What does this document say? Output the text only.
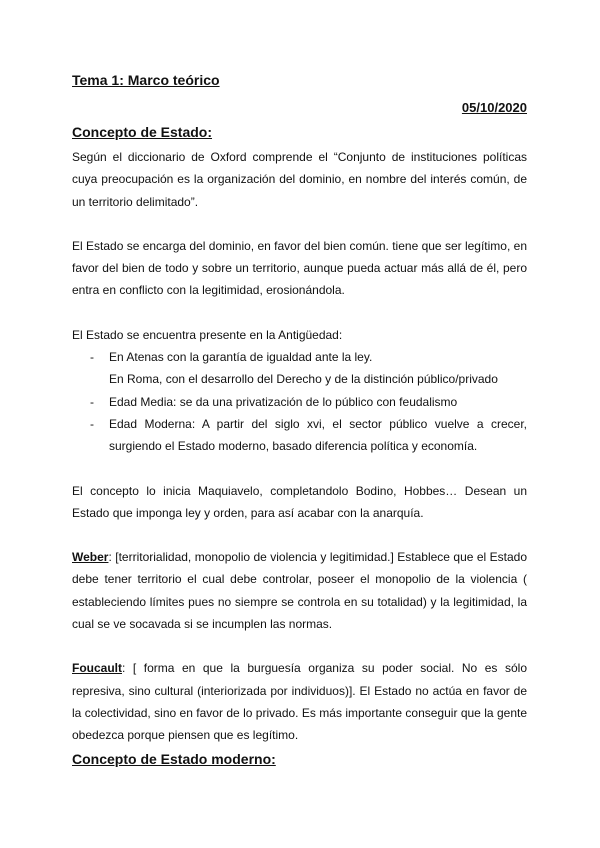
Tema 1: Marco teórico
05/10/2020
Concepto de Estado:

Según el diccionario de Oxford comprende el “Conjunto de instituciones políticas cuya preocupación es la organización del dominio, en nombre del interés común, de un territorio delimitado”.

El Estado se encarga del dominio, en favor del bien común. tiene que ser legítimo, en favor del bien de todo y sobre un territorio, aunque pueda actuar más allá de él, pero entra en conflicto con la legitimidad, erosionándola.

El Estado se encuentra presente en la Antigüedad:

- En Atenas con la garantía de igualdad ante la ley.
En Roma, con el desarrollo del Derecho y de la distinción público/privado
- Edad Media: se da una privatización de lo público con feudalismo
- Edad Moderna: A partir del siglo xvi, el sector público vuelve a crecer, surgiendo el Estado moderno, basado diferencia política y economía.

El concepto lo inicia Maquiavelo, completandolo Bodino, Hobbes… Desean un Estado que imponga ley y orden, para así acabar con la anarquía.

Weber: [territorialidad, monopolio de violencia y legitimidad.] Establece que el Estado debe tener territorio el cual debe controlar, poseer el monopolio de la violencia ( estableciendo límites pues no siempre se controla en su totalidad) y la legitimidad, la cual se ve socavada si se incumplen las normas.

Foucault: [ forma en que la burguesía organiza su poder social. No es sólo represiva, sino cultural (interiorizada por individuos)]. El Estado no actúa en favor de la colectividad, sino en favor de lo privado. Es más importante conseguir que la gente obedezca porque piensen que es legítimo.

Concepto de Estado moderno:
